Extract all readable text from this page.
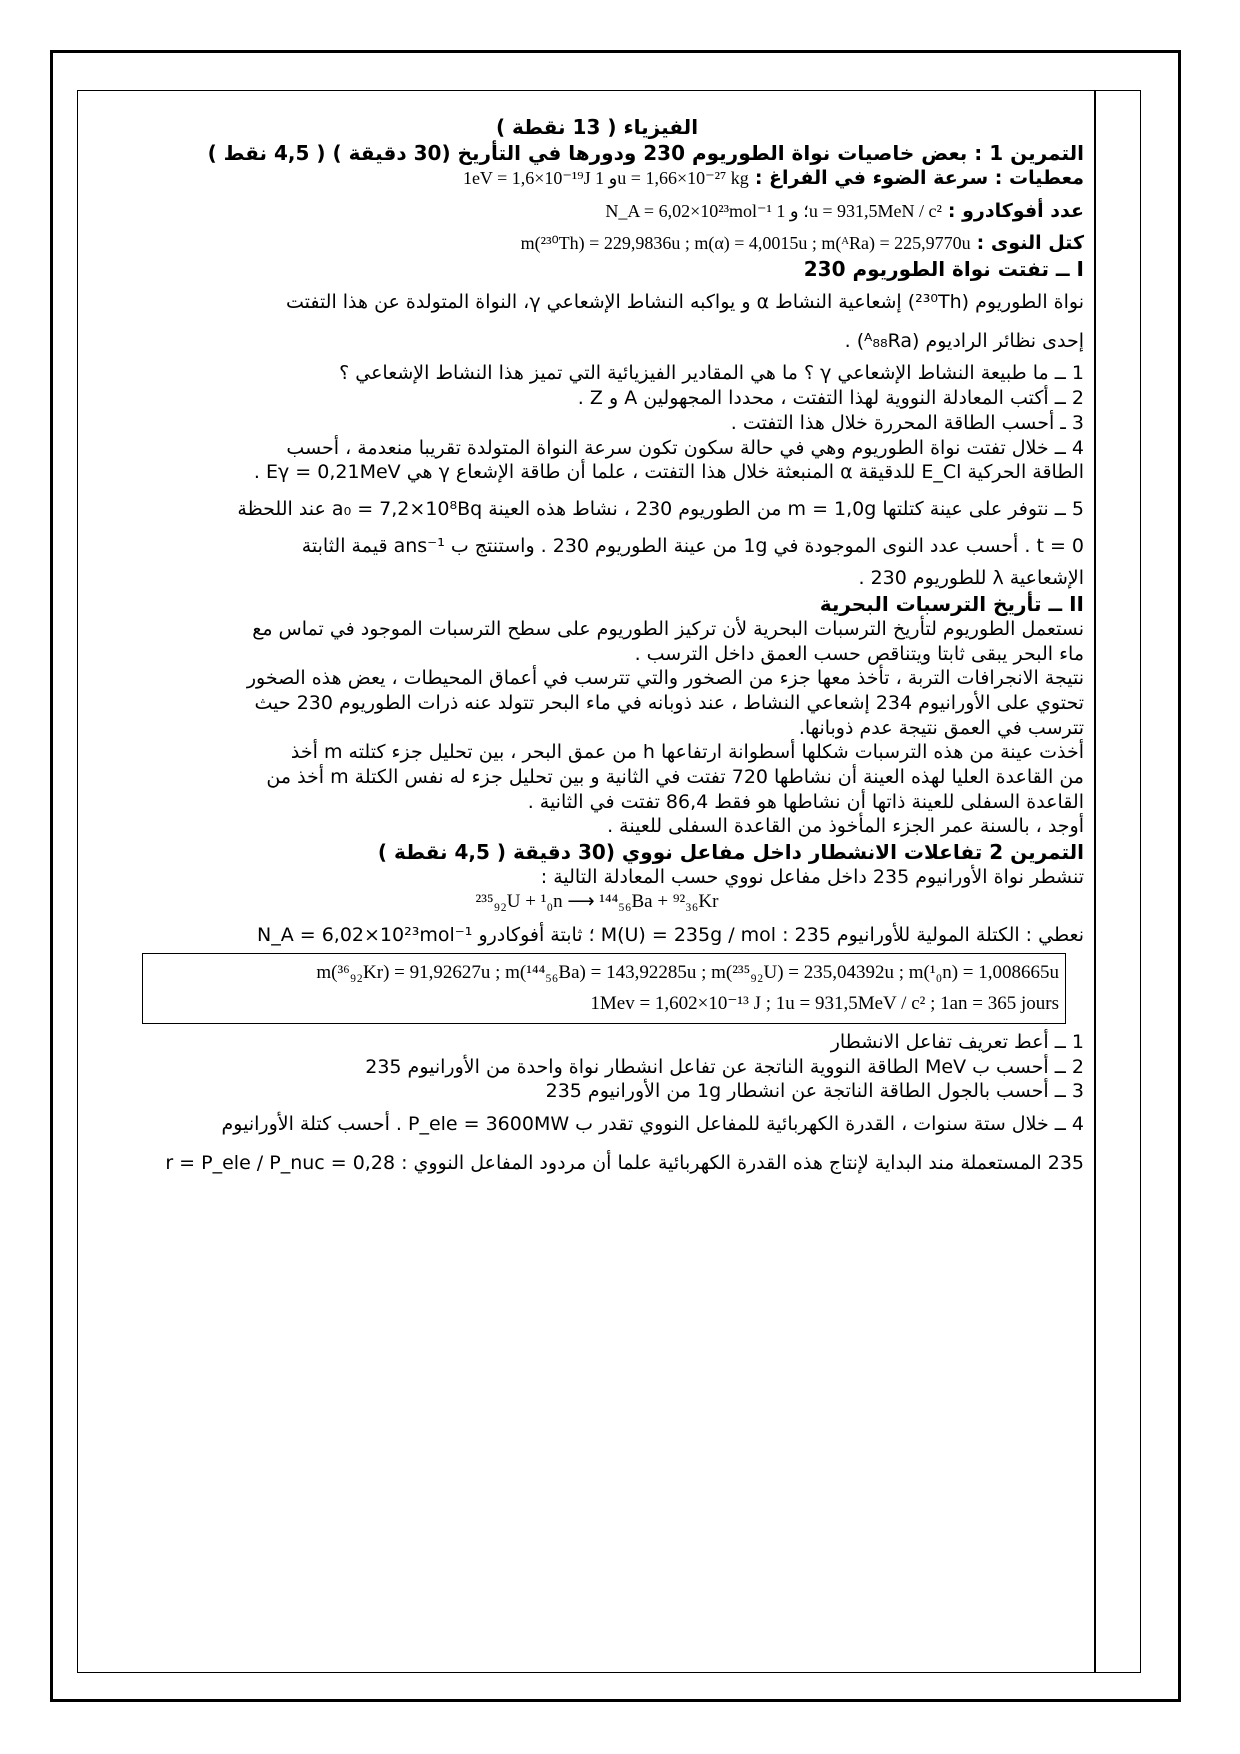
الفيزياء ( 13 نقطة )
التمرين 1 : بعض خاصيات نواة الطوريوم 230 ودورها في التأريخ (30 دقيقة ) ( 4,5 نقط )
معطيات : سرعة الضوء في الفراغ : 1eV = 1,6×10⁻¹⁹J و 1u = 1,66×10⁻²⁷ kg
عدد أفوكادرو : N_A = 6,02×10²³mol⁻¹ ؛ و 1u = 931,5MeN / c²
كتل النوى : m(²³⁰Th) = 229,9836u ; m(α) = 4,0015u ; m(ᴬRa) = 225,9770u
I ــ تفتت نواة الطوريوم 230
نواة الطوريوم (²³⁰Th) إشعاعية النشاط α و يواكبه النشاط الإشعاعي γ، النواة المتولدة عن هذا التفتت
إحدى نظائر الراديوم (ᴬ₈₈Ra) .
1 ــ ما طبيعة النشاط الإشعاعي γ ؟ ما هي المقادير الفيزيائية التي تميز هذا النشاط الإشعاعي ؟
2 ــ أكتب المعادلة النووية لهذا التفتت ، محددا المجهولين A و Z .
3 ـ أحسب الطاقة المحررة خلال هذا التفتت .
4 ــ خلال تفتت نواة الطوريوم وهي في حالة سكون تكون سرعة النواة المتولدة تقريبا منعدمة ، أحسب
الطاقة الحركية E_Cl للدقيقة α المنبعثة خلال هذا التفتت ، علما أن طاقة الإشعاع γ هي Eγ = 0,21MeV .
5 ــ نتوفر على عينة كتلتها m = 1,0g من الطوريوم 230 ، نشاط هذه العينة a₀ = 7,2×10⁸Bq عند اللحظة
t = 0 . أحسب عدد النوى الموجودة في 1g من عينة الطوريوم 230 . واستنتج ب ans⁻¹ قيمة الثابتة
الإشعاعية λ للطوريوم 230 .
II ــ تأريخ الترسبات البحرية
نستعمل الطوريوم لتأريخ الترسبات البحرية لأن تركيز الطوريوم على سطح الترسبات الموجود في تماس مع
ماء البحر يبقى ثابتا ويتناقص حسب العمق داخل الترسب .
نتيجة الانجرافات التربة ، تأخذ معها جزء من الصخور والتي تترسب في أعماق المحيطات ، يعض هذه الصخور
تحتوي على الأورانيوم 234 إشعاعي النشاط ، عند ذوبانه في ماء البحر تتولد عنه ذرات الطوريوم 230 حيث
تترسب في العمق نتيجة عدم ذوبانها.
أخذت عينة من هذه الترسبات شكلها أسطوانة ارتفاعها h من عمق البحر ، بين تحليل جزء كتلته m أخذ
من القاعدة العليا لهذه العينة أن نشاطها 720 تفتت في الثانية و بين تحليل جزء له نفس الكتلة m أخذ من
القاعدة السفلى للعينة ذاتها أن نشاطها هو فقط 86,4 تفتت في الثانية .
أوجد ، بالسنة عمر الجزء المأخوذ من القاعدة السفلى للعينة .
التمرين 2 تفاعلات الانشطار داخل مفاعل نووي (30 دقيقة ( 4,5 نقطة )
تنشطر نواة الأورانيوم 235 داخل مفاعل نووي حسب المعادلة التالية :
²³⁵₉₂U + ¹₀n ⟶ ¹⁴⁴₅₆Ba + ⁹²₃₆Kr
نعطي : الكتلة المولية للأورانيوم 235 : M(U) = 235g / mol ؛ ثابتة أفوكادرو N_A = 6,02×10²³mol⁻¹
m(³⁶₉₂Kr) = 91,92627u ; m(¹⁴⁴₅₆Ba) = 143,92285u ; m(²³⁵₉₂U) = 235,04392u ; m(¹₀n) = 1,008665u
1Mev = 1,602×10⁻¹³ J ; 1u = 931,5MeV / c² ; 1an = 365 jours
1 ــ أعط تعريف تفاعل الانشطار
2 ــ أحسب ب MeV الطاقة النووية الناتجة عن تفاعل انشطار نواة واحدة من الأورانيوم 235
3 ــ أحسب بالجول الطاقة الناتجة عن انشطار 1g من الأورانيوم 235
4 ــ خلال ستة سنوات ، القدرة الكهربائية للمفاعل النووي تقدر ب P_ele = 3600MW . أحسب كتلة الأورانيوم
235 المستعملة مند البداية لإنتاج هذه القدرة الكهربائية علما أن مردود المفاعل النووي : r = P_ele / P_nuc = 0,28
